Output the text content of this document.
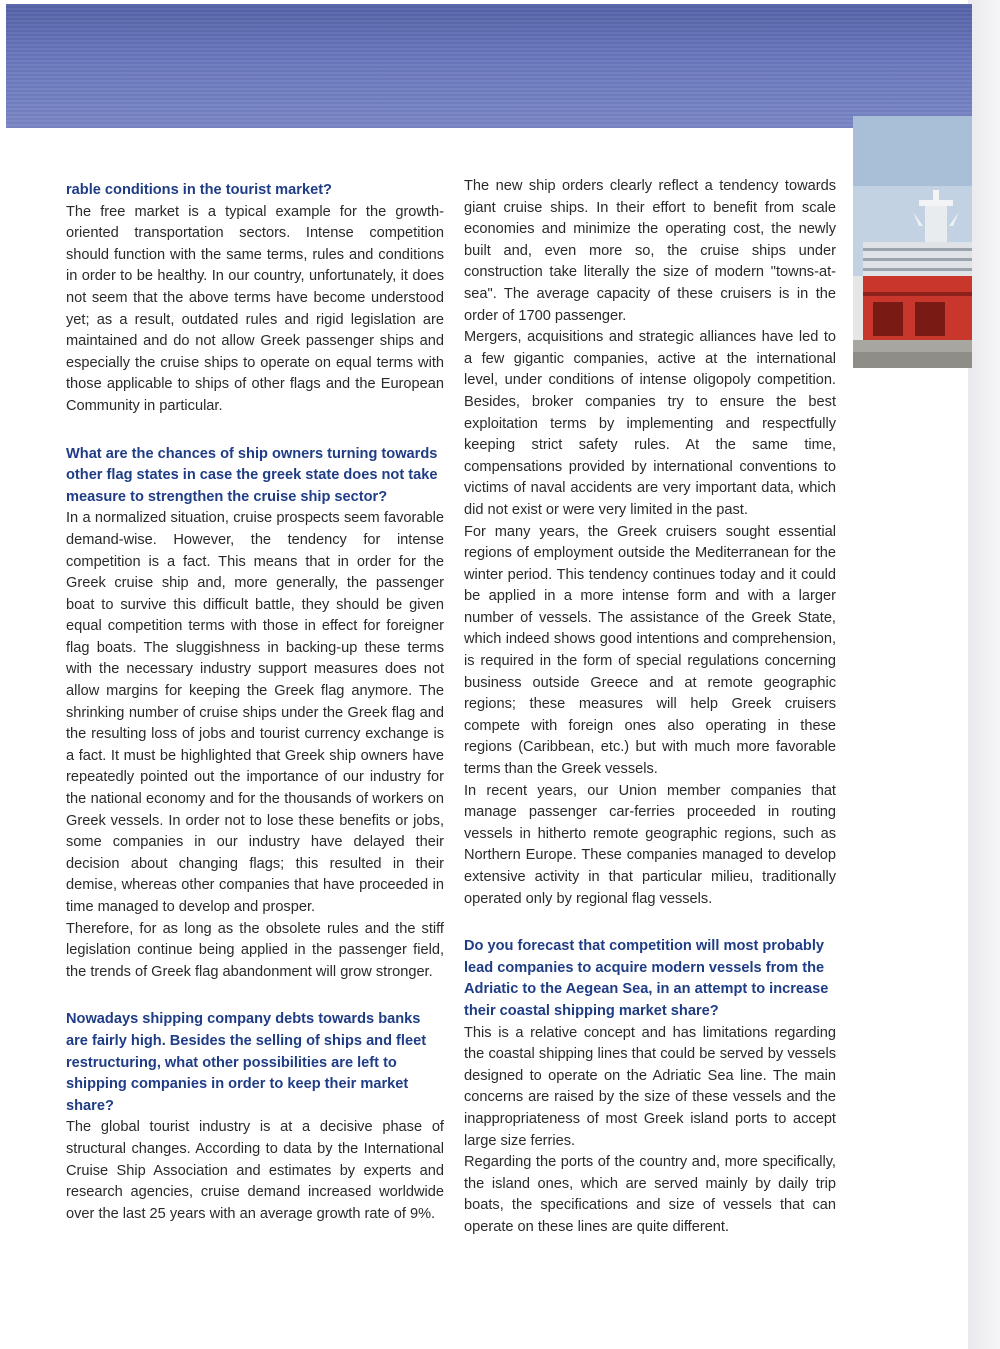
rable conditions in the tourist market?

The free market is a typical example for the growth-oriented transportation sectors. Intense competition should function with the same terms, rules and conditions in order to be healthy. In our country, unfortunately, it does not seem that the above terms have become understood yet; as a result, outdated rules and rigid legislation are maintained and do not allow Greek passenger ships and especially the cruise ships to operate on equal terms with those applicable to ships of other flags and the European Community in particular.

What are the chances of ship owners turning towards other flag states in case the greek state does not take measure to strengthen the cruise ship sector?

In a normalized situation, cruise prospects seem favorable demand-wise. However, the tendency for intense competition is a fact. This means that in order for the Greek cruise ship and, more generally, the passenger boat to survive this difficult battle, they should be given equal competition terms with those in effect for foreigner flag boats. The sluggishness in backing-up these terms with the necessary industry support measures does not allow margins for keeping the Greek flag anymore. The shrinking number of cruise ships under the Greek flag and the resulting loss of jobs and tourist currency exchange is a fact. It must be highlighted that Greek ship owners have repeatedly pointed out the importance of our industry for the national economy and for the thousands of workers on Greek vessels. In order not to lose these benefits or jobs, some companies in our industry have delayed their decision about changing flags; this resulted in their demise, whereas other companies that have proceeded in time managed to develop and prosper.

Therefore, for as long as the obsolete rules and the stiff legislation continue being applied in the passenger field, the trends of Greek flag abandonment will grow stronger.

Nowadays shipping company debts towards banks are fairly high. Besides the selling of ships and fleet restructuring, what other possibilities are left to shipping companies in order to keep their market share?

The global tourist industry is at a decisive phase of structural changes. According to data by the International Cruise Ship Association and estimates by experts and research agencies, cruise demand increased worldwide over the last 25 years with an average growth rate of 9%.

The new ship orders clearly reflect a tendency towards giant cruise ships. In their effort to benefit from scale economies and minimize the operating cost, the newly built and, even more so, the cruise ships under construction take literally the size of modern "towns-at-sea". The average capacity of these cruisers is in the order of 1700 passenger.

Mergers, acquisitions and strategic alliances have led to a few gigantic companies, active at the international level, under conditions of intense oligopoly competition. Besides, broker companies try to ensure the best exploitation terms by implementing and respectfully keeping strict safety rules. At the same time, compensations provided by international conventions to victims of naval accidents are very important data, which did not exist or were very limited in the past.

For many years, the Greek cruisers sought essential regions of employment outside the Mediterranean for the winter period. This tendency continues today and it could be applied in a more intense form and with a larger number of vessels. The assistance of the Greek State, which indeed shows good intentions and comprehension, is required in the form of special regulations concerning business outside Greece and at remote geographic regions; these measures will help Greek cruisers compete with foreign ones also operating in these regions (Caribbean, etc.) but with much more favorable terms than the Greek vessels.

In recent years, our Union member companies that manage passenger car-ferries proceeded in routing vessels in hitherto remote geographic regions, such as Northern Europe. These companies managed to develop extensive activity in that particular milieu, traditionally operated only by regional flag vessels.

Do you forecast that competition will most probably lead companies to acquire modern vessels from the Adriatic to the Aegean Sea, in an attempt to increase their coastal shipping market share?

This is a relative concept and has limitations regarding the coastal shipping lines that could be served by vessels designed to operate on the Adriatic Sea line. The main concerns are raised by the size of these vessels and the inappropriateness of most Greek island ports to accept large size ferries.

Regarding the ports of the country and, more specifically, the island ones, which are served mainly by daily trip boats, the specifications and size of vessels that can operate on these lines are quite different.
